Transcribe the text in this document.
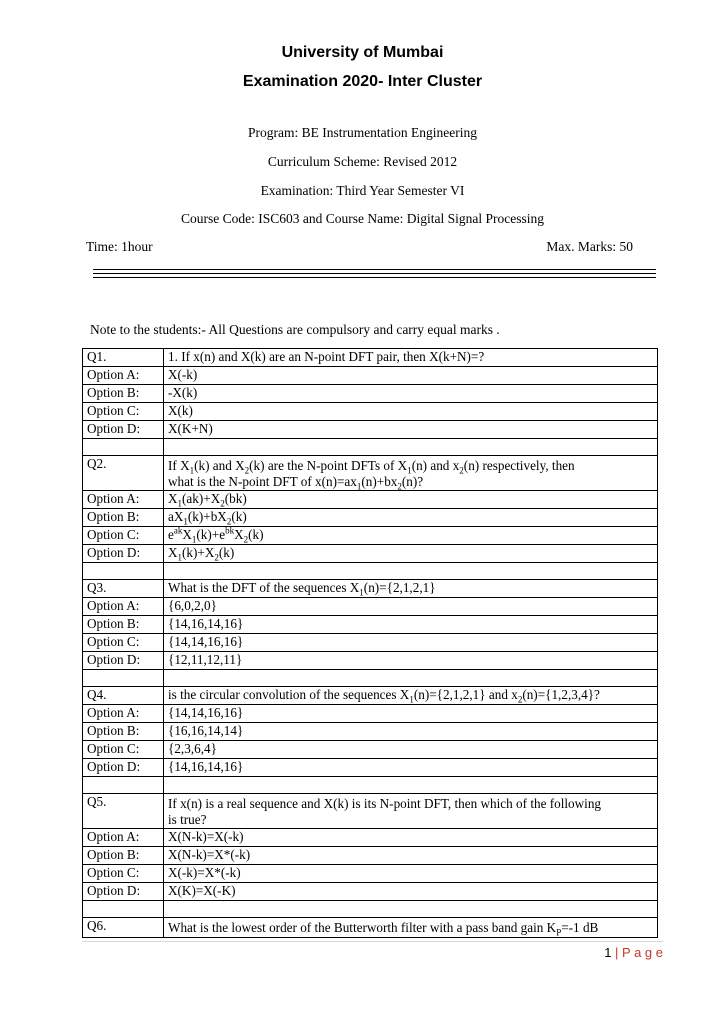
University of Mumbai
Examination 2020- Inter Cluster
Program: BE Instrumentation Engineering
Curriculum Scheme: Revised 2012
Examination: Third Year Semester VI
Course Code: ISC603 and Course Name: Digital Signal Processing
Time: 1hour	Max. Marks: 50
Note to the students:- All Questions are compulsory and carry equal marks .
Q1.	1. If x(n) and X(k) are an N-point DFT pair, then X(k+N)=?
Option A:	X(-k)
Option B:	-X(k)
Option C:	X(k)
Option D:	X(K+N)

Q2.	If $X_1(k)$ and $X_2(k)$ are the N-point DFTs of $X_1(n)$ and $x_2(n)$ respectively, then
what is the N-point DFT of $x(n)=ax_1(n)+bx_2(n)$?

Option A:	$X_1(ak)+X_2(bk)$
Option B:	$aX_1(k)+bX_2(k)$
Option C:	$e^{ak}X_1(k)+e^{bk}X_2(k)$
Option D:	$X_1(k)+X_2(k)$

Q3.	What is the DFT of the sequences $X_1(n)=\{2,1,2,1\}$
Option A:	{6,0,2,0}
Option B:	{14,16,14,16}
Option C:	{14,14,16,16}
Option D:	{12,11,12,11}

Q4.	is the circular convolution of the sequences $X_1(n)=\{2,1,2,1\}$ and $x_2(n)=\{1,2,3,4\}$?
Option A:	{14,14,16,16}
Option B:	{16,16,14,14}
Option C:	{2,3,6,4}
Option D:	{14,16,14,16}

Q5.	If x(n) is a real sequence and X(k) is its N-point DFT, then which of the following
is true?

Option A:	X(N-k)=X(-k)
Option B:	X(N-k)=X*(-k)
Option C:	X(-k)=X*(-k)
Option D:	X(K)=X(-K)

Q6.	What is the lowest order of the Butterworth filter with a pass band gain $K_P=-1$ dB
1 | P a g e
